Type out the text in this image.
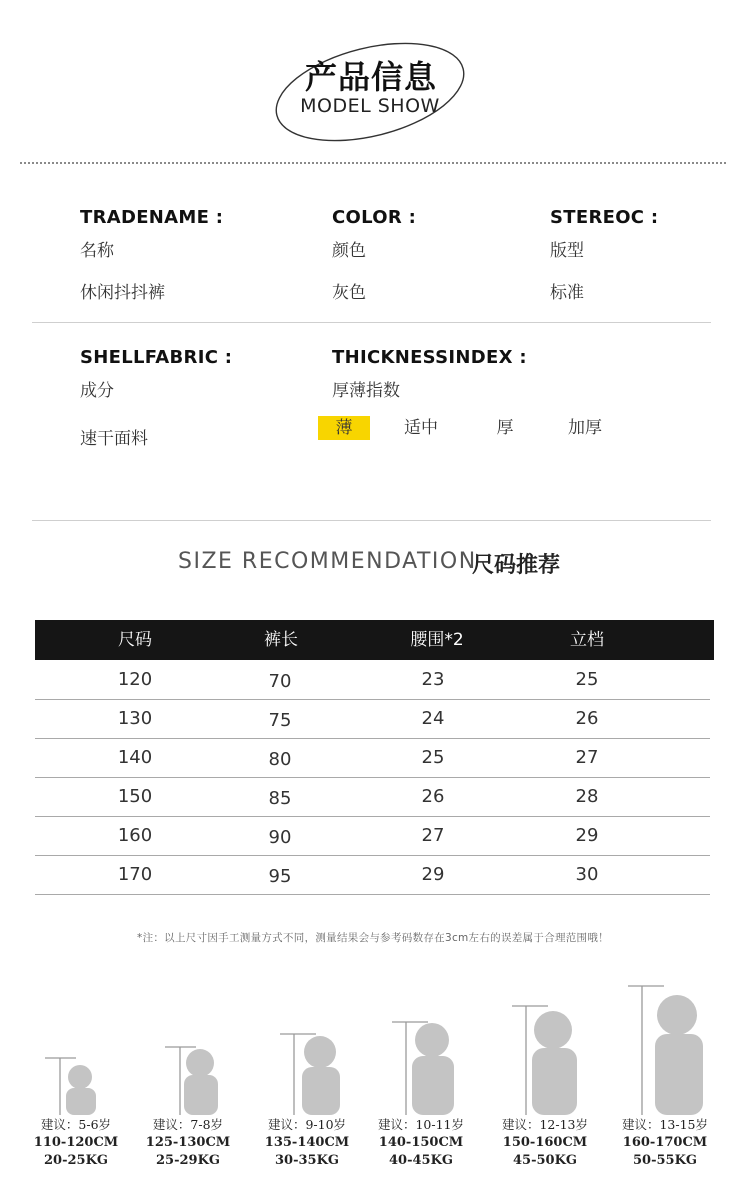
产品信息
MODEL SHOW
TRADENAME :
名称
休闲抖抖裤
COLOR :
颜色
灰色
STEREOC :
版型
标准
SHELLFABRIC :
成分
速干面料
THICKNESSINDEX :
厚薄指数
薄	适中	厚	加厚
SIZE RECOMMENDATION
尺码推荐
尺码	裤长	腰围*2	立档
120	70	23	25
130	75	24	26
140	80	25	27
150	85	26	28
160	90	27	29
170	95	29	30
*注：以上尺寸因手工测量方式不同，测量结果会与参考码数存在3cm左右的误差属于合理范围哦！
建议：5-6岁
110-120CM
20-25KG
建议：7-8岁
125-130CM
25-29KG
建议：9-10岁
135-140CM
30-35KG
建议：10-11岁
140-150CM
40-45KG
建议：12-13岁
150-160CM
45-50KG
建议：13-15岁
160-170CM
50-55KG
